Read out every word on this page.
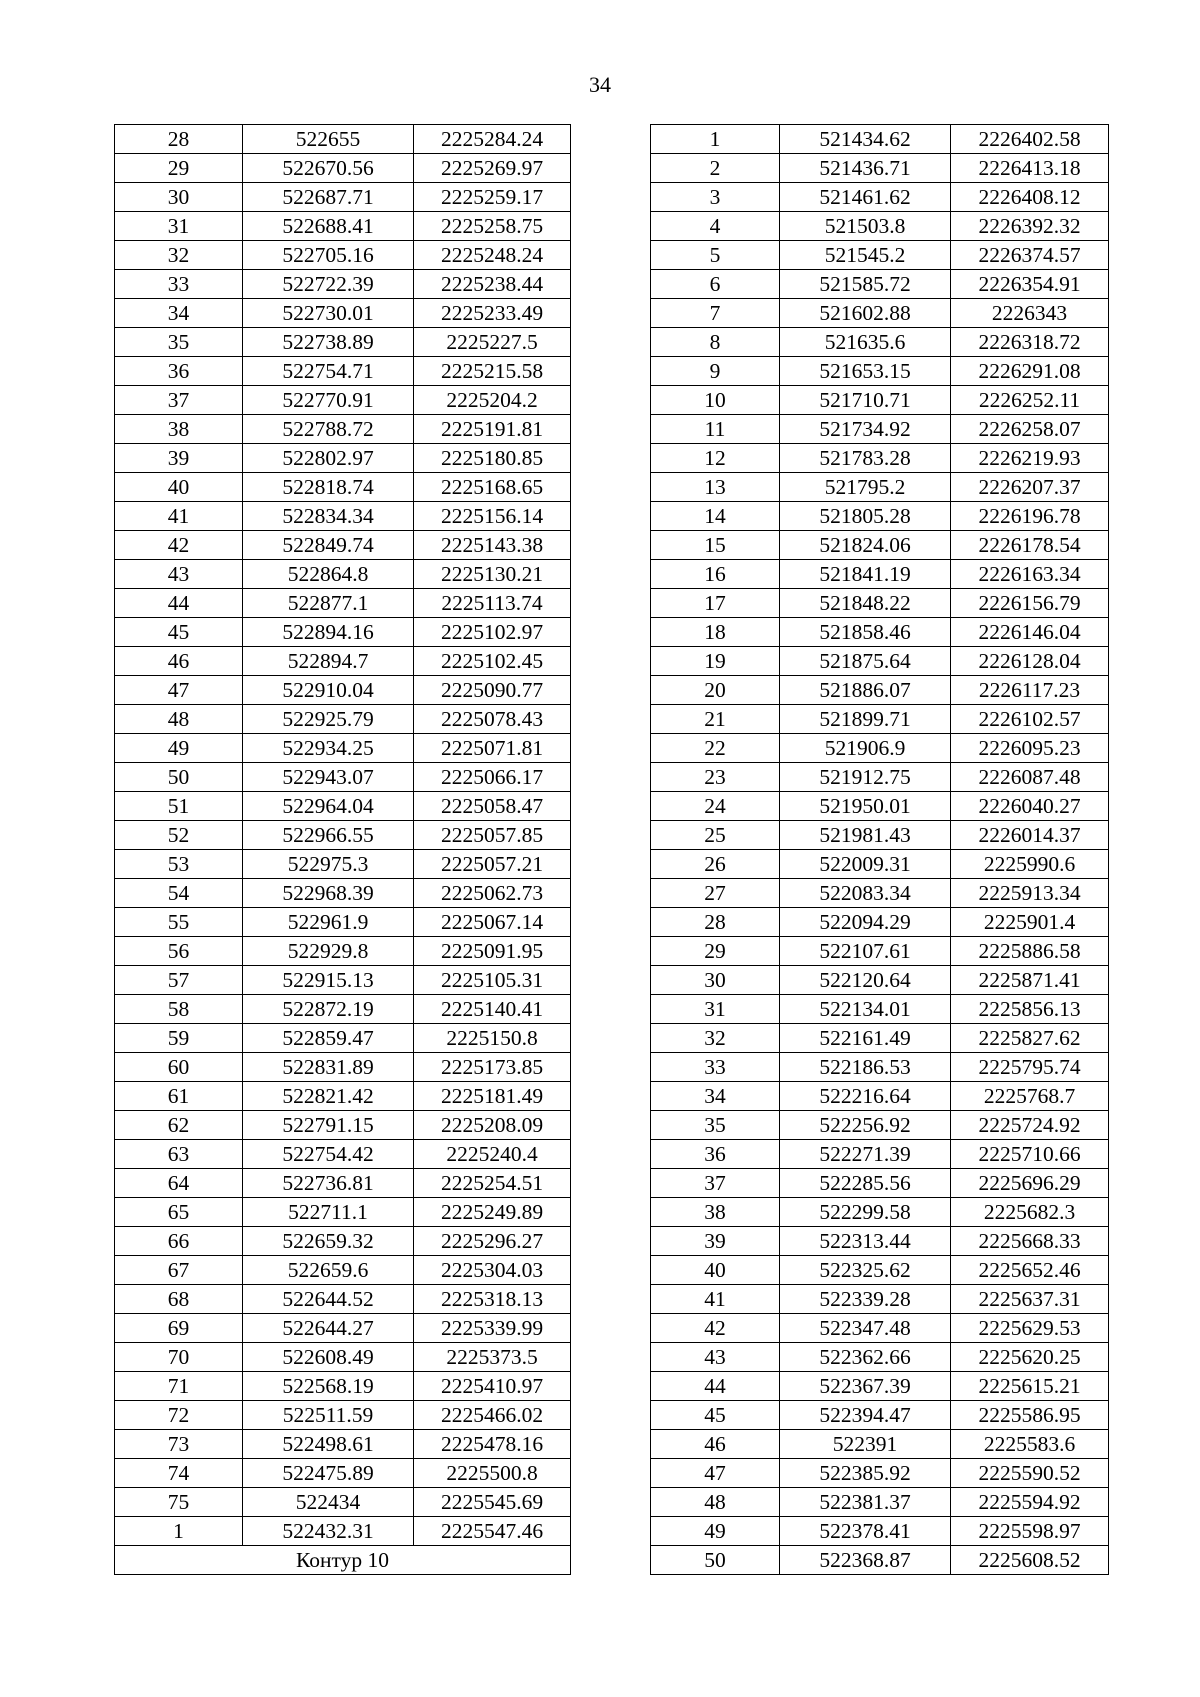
34
28	522655	2225284.24
29	522670.56	2225269.97
30	522687.71	2225259.17
31	522688.41	2225258.75
32	522705.16	2225248.24
33	522722.39	2225238.44
34	522730.01	2225233.49
35	522738.89	2225227.5
36	522754.71	2225215.58
37	522770.91	2225204.2
38	522788.72	2225191.81
39	522802.97	2225180.85
40	522818.74	2225168.65
41	522834.34	2225156.14
42	522849.74	2225143.38
43	522864.8	2225130.21
44	522877.1	2225113.74
45	522894.16	2225102.97
46	522894.7	2225102.45
47	522910.04	2225090.77
48	522925.79	2225078.43
49	522934.25	2225071.81
50	522943.07	2225066.17
51	522964.04	2225058.47
52	522966.55	2225057.85
53	522975.3	2225057.21
54	522968.39	2225062.73
55	522961.9	2225067.14
56	522929.8	2225091.95
57	522915.13	2225105.31
58	522872.19	2225140.41
59	522859.47	2225150.8
60	522831.89	2225173.85
61	522821.42	2225181.49
62	522791.15	2225208.09
63	522754.42	2225240.4
64	522736.81	2225254.51
65	522711.1	2225249.89
66	522659.32	2225296.27
67	522659.6	2225304.03
68	522644.52	2225318.13
69	522644.27	2225339.99
70	522608.49	2225373.5
71	522568.19	2225410.97
72	522511.59	2225466.02
73	522498.61	2225478.16
74	522475.89	2225500.8
75	522434	2225545.69
1	522432.31	2225547.46
Контур 10		
1	521434.62	2226402.58
2	521436.71	2226413.18
3	521461.62	2226408.12
4	521503.8	2226392.32
5	521545.2	2226374.57
6	521585.72	2226354.91
7	521602.88	2226343
8	521635.6	2226318.72
9	521653.15	2226291.08
10	521710.71	2226252.11
11	521734.92	2226258.07
12	521783.28	2226219.93
13	521795.2	2226207.37
14	521805.28	2226196.78
15	521824.06	2226178.54
16	521841.19	2226163.34
17	521848.22	2226156.79
18	521858.46	2226146.04
19	521875.64	2226128.04
20	521886.07	2226117.23
21	521899.71	2226102.57
22	521906.9	2226095.23
23	521912.75	2226087.48
24	521950.01	2226040.27
25	521981.43	2226014.37
26	522009.31	2225990.6
27	522083.34	2225913.34
28	522094.29	2225901.4
29	522107.61	2225886.58
30	522120.64	2225871.41
31	522134.01	2225856.13
32	522161.49	2225827.62
33	522186.53	2225795.74
34	522216.64	2225768.7
35	522256.92	2225724.92
36	522271.39	2225710.66
37	522285.56	2225696.29
38	522299.58	2225682.3
39	522313.44	2225668.33
40	522325.62	2225652.46
41	522339.28	2225637.31
42	522347.48	2225629.53
43	522362.66	2225620.25
44	522367.39	2225615.21
45	522394.47	2225586.95
46	522391	2225583.6
47	522385.92	2225590.52
48	522381.37	2225594.92
49	522378.41	2225598.97
50	522368.87	2225608.52
